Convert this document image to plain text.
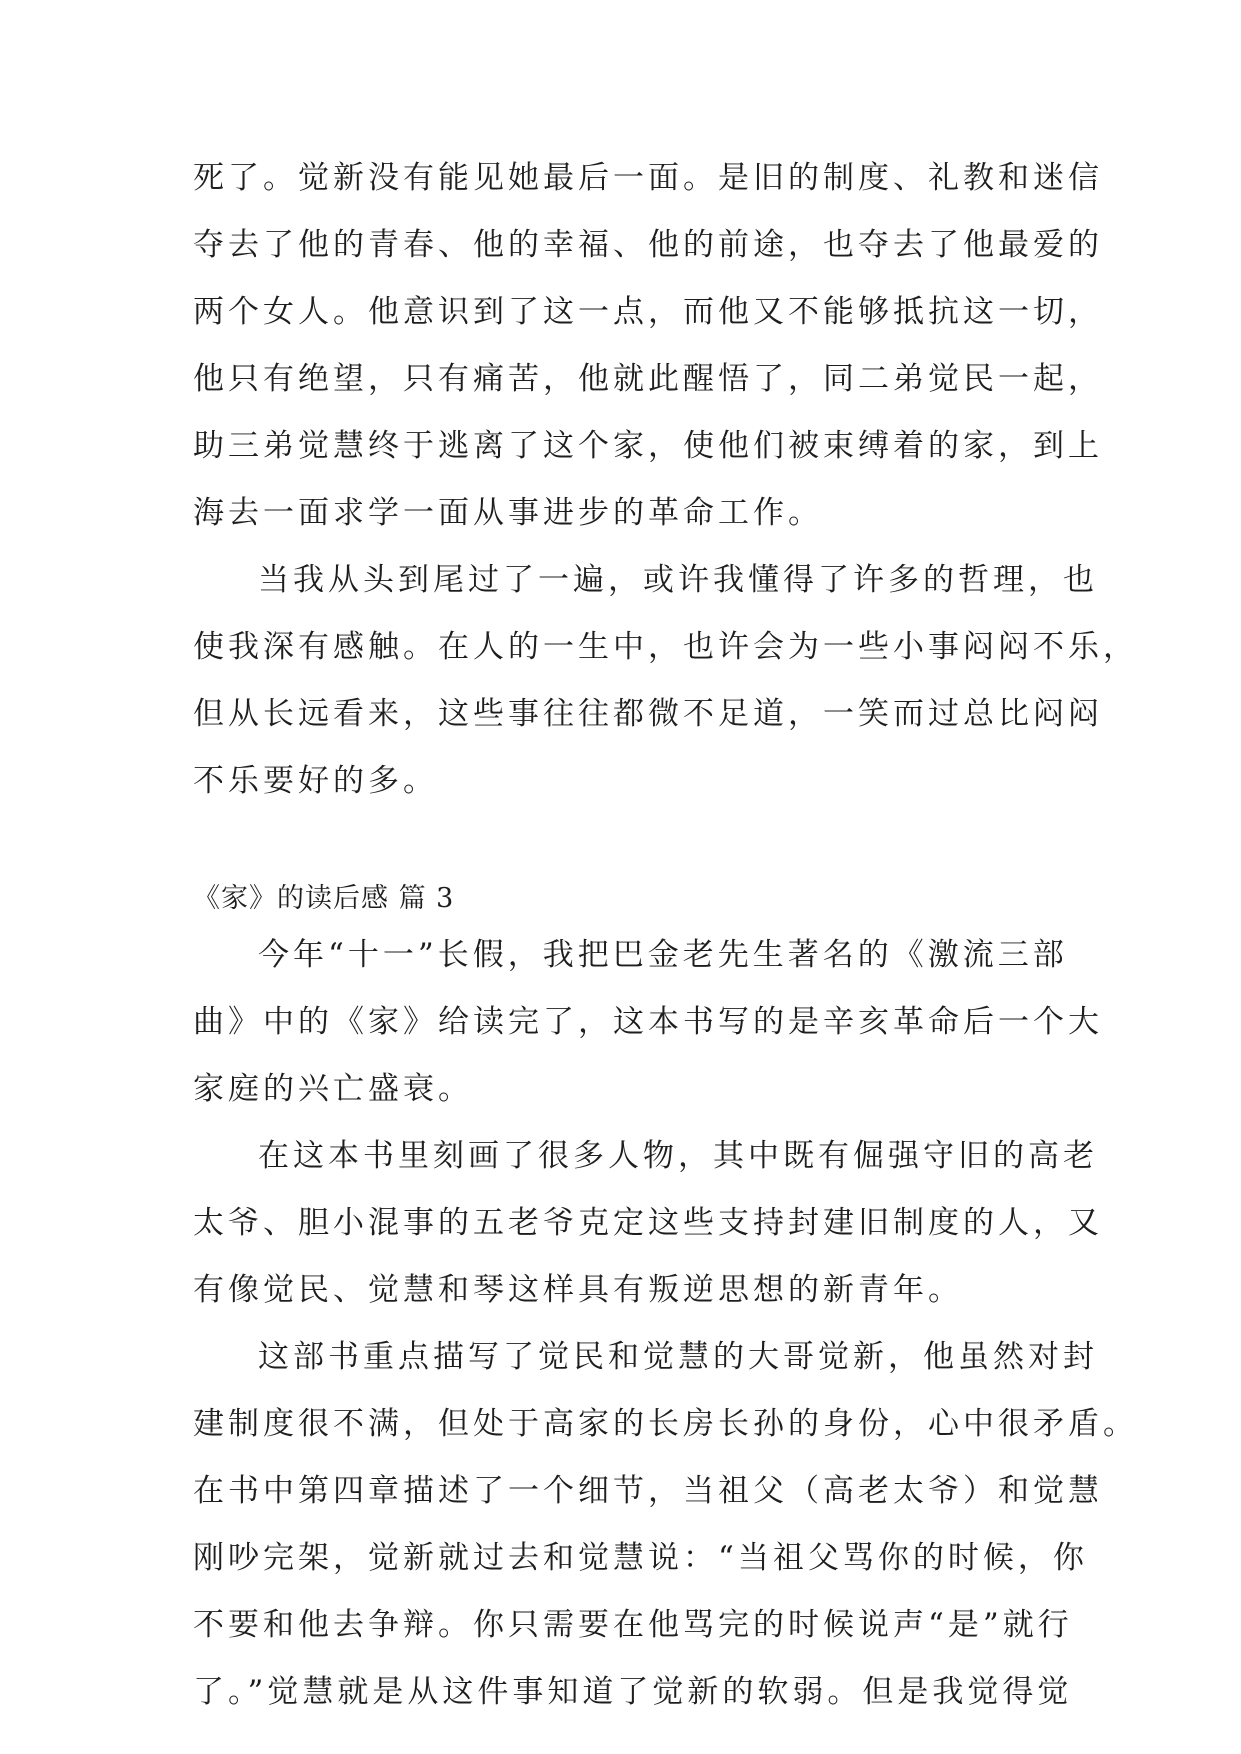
死了。觉新没有能见她最后一面。是旧的制度、礼教和迷信
夺去了他的青春、他的幸福、他的前途，也夺去了他最爱的
两个女人。他意识到了这一点，而他又不能够抵抗这一切，
他只有绝望，只有痛苦，他就此醒悟了，同二弟觉民一起，
助三弟觉慧终于逃离了这个家，使他们被束缚着的家，到上
海去一面求学一面从事进步的革命工作。
当我从头到尾过了一遍，或许我懂得了许多的哲理，也
使我深有感触。在人的一生中，也许会为一些小事闷闷不乐，
但从长远看来，这些事往往都微不足道，一笑而过总比闷闷
不乐要好的多。
《家》的读后感 篇 3
今年“十一”长假，我把巴金老先生著名的《激流三部
曲》中的《家》给读完了，这本书写的是辛亥革命后一个大
家庭的兴亡盛衰。
在这本书里刻画了很多人物，其中既有倔强守旧的高老
太爷、胆小混事的五老爷克定这些支持封建旧制度的人，又
有像觉民、觉慧和琴这样具有叛逆思想的新青年。
这部书重点描写了觉民和觉慧的大哥觉新，他虽然对封
建制度很不满，但处于高家的长房长孙的身份，心中很矛盾。
在书中第四章描述了一个细节，当祖父（高老太爷）和觉慧
刚吵完架，觉新就过去和觉慧说：“当祖父骂你的时候，你
不要和他去争辩。你只需要在他骂完的时候说声“是”就行
了。”觉慧就是从这件事知道了觉新的软弱。但是我觉得觉
